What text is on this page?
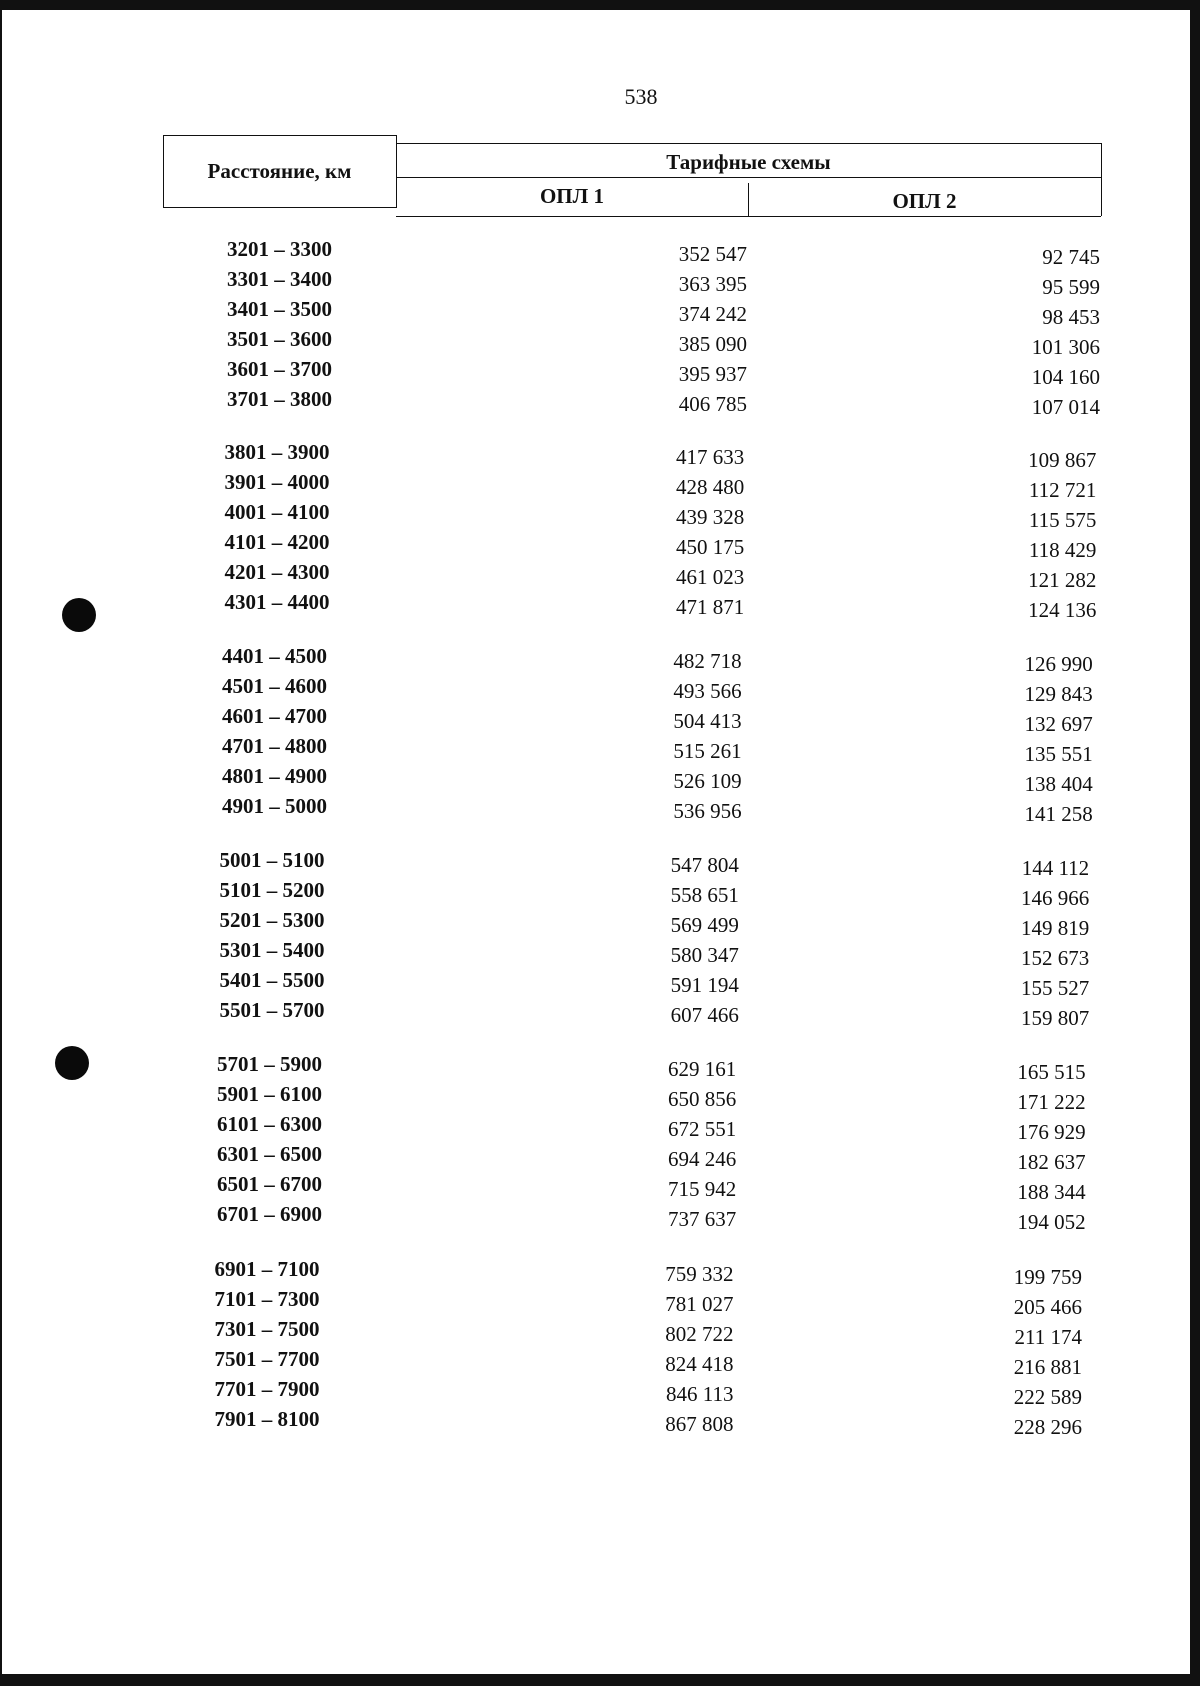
538
Расстояние, км	Тарифные схемы
ОПЛ 1	ОПЛ 2
3201 – 3300	352 547	92 745
3301 – 3400	363 395	95 599
3401 – 3500	374 242	98 453
3501 – 3600	385 090	101 306
3601 – 3700	395 937	104 160
3701 – 3800	406 785	107 014
3801 – 3900	417 633	109 867
3901 – 4000	428 480	112 721
4001 – 4100	439 328	115 575
4101 – 4200	450 175	118 429
4201 – 4300	461 023	121 282
4301 – 4400	471 871	124 136
4401 – 4500	482 718	126 990
4501 – 4600	493 566	129 843
4601 – 4700	504 413	132 697
4701 – 4800	515 261	135 551
4801 – 4900	526 109	138 404
4901 – 5000	536 956	141 258
5001 – 5100	547 804	144 112
5101 – 5200	558 651	146 966
5201 – 5300	569 499	149 819
5301 – 5400	580 347	152 673
5401 – 5500	591 194	155 527
5501 – 5700	607 466	159 807
5701 – 5900	629 161	165 515
5901 – 6100	650 856	171 222
6101 – 6300	672 551	176 929
6301 – 6500	694 246	182 637
6501 – 6700	715 942	188 344
6701 – 6900	737 637	194 052
6901 – 7100	759 332	199 759
7101 – 7300	781 027	205 466
7301 – 7500	802 722	211 174
7501 – 7700	824 418	216 881
7701 – 7900	846 113	222 589
7901 – 8100	867 808	228 296
